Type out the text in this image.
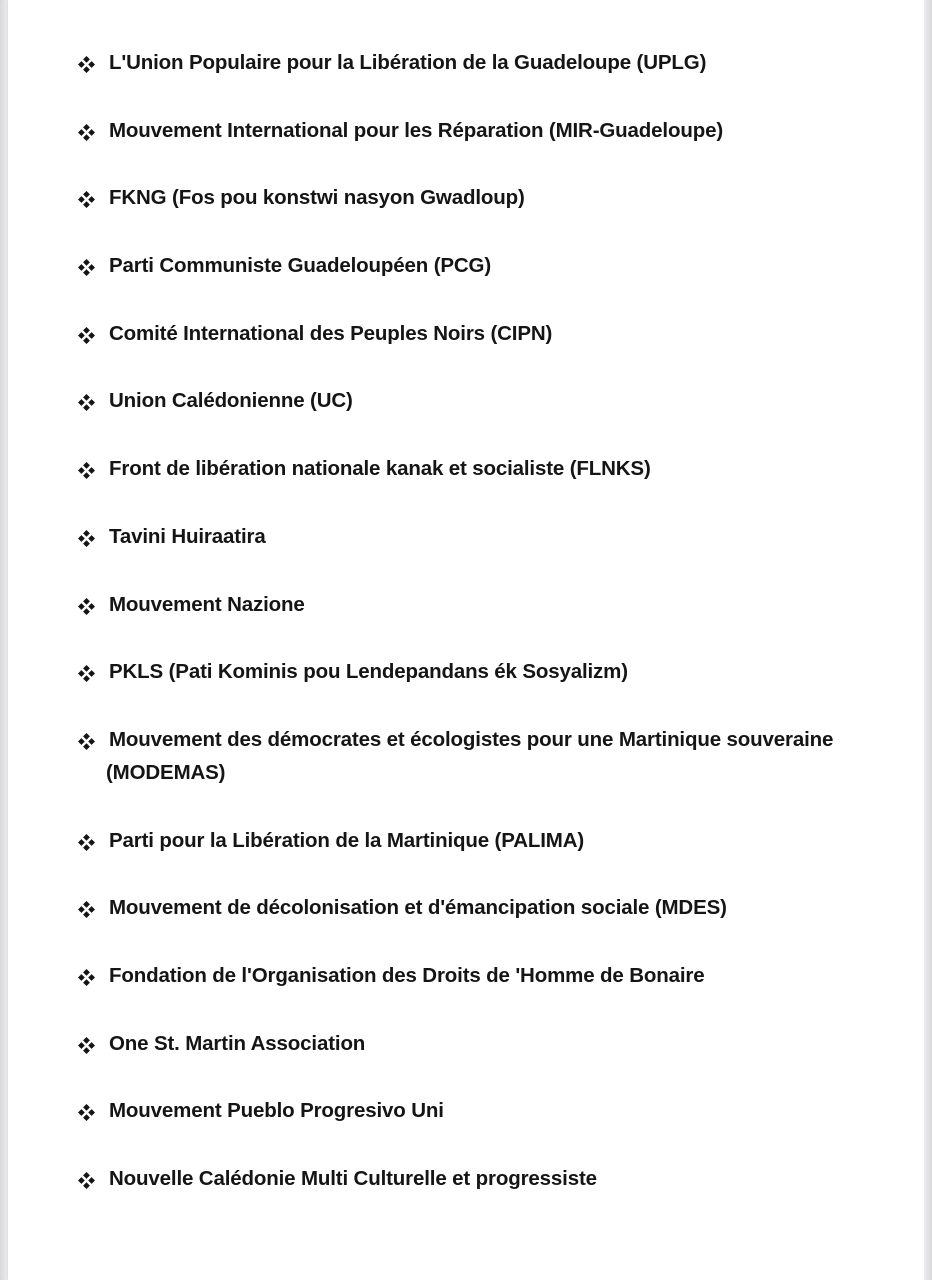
L'Union Populaire pour la Libération de la Guadeloupe (UPLG)
Mouvement International pour les Réparation (MIR-Guadeloupe)
FKNG (Fos pou konstwi nasyon Gwadloup)
Parti Communiste Guadeloupéen (PCG)
Comité International des Peuples Noirs (CIPN)
Union Calédonienne (UC)
Front de libération nationale kanak et socialiste (FLNKS)
Tavini Huiraatira
Mouvement Nazione
PKLS (Pati Kominis pou Lendepandans ék Sosyalizm)
Mouvement des démocrates et écologistes pour une Martinique souveraine (MODEMAS)
Parti pour la Libération de la Martinique (PALIMA)
Mouvement de décolonisation et d'émancipation sociale (MDES)
Fondation de l'Organisation des Droits de 'Homme de Bonaire
One St. Martin Association
Mouvement Pueblo Progresivo Uni
Nouvelle Calédonie Multi Culturelle et progressiste
